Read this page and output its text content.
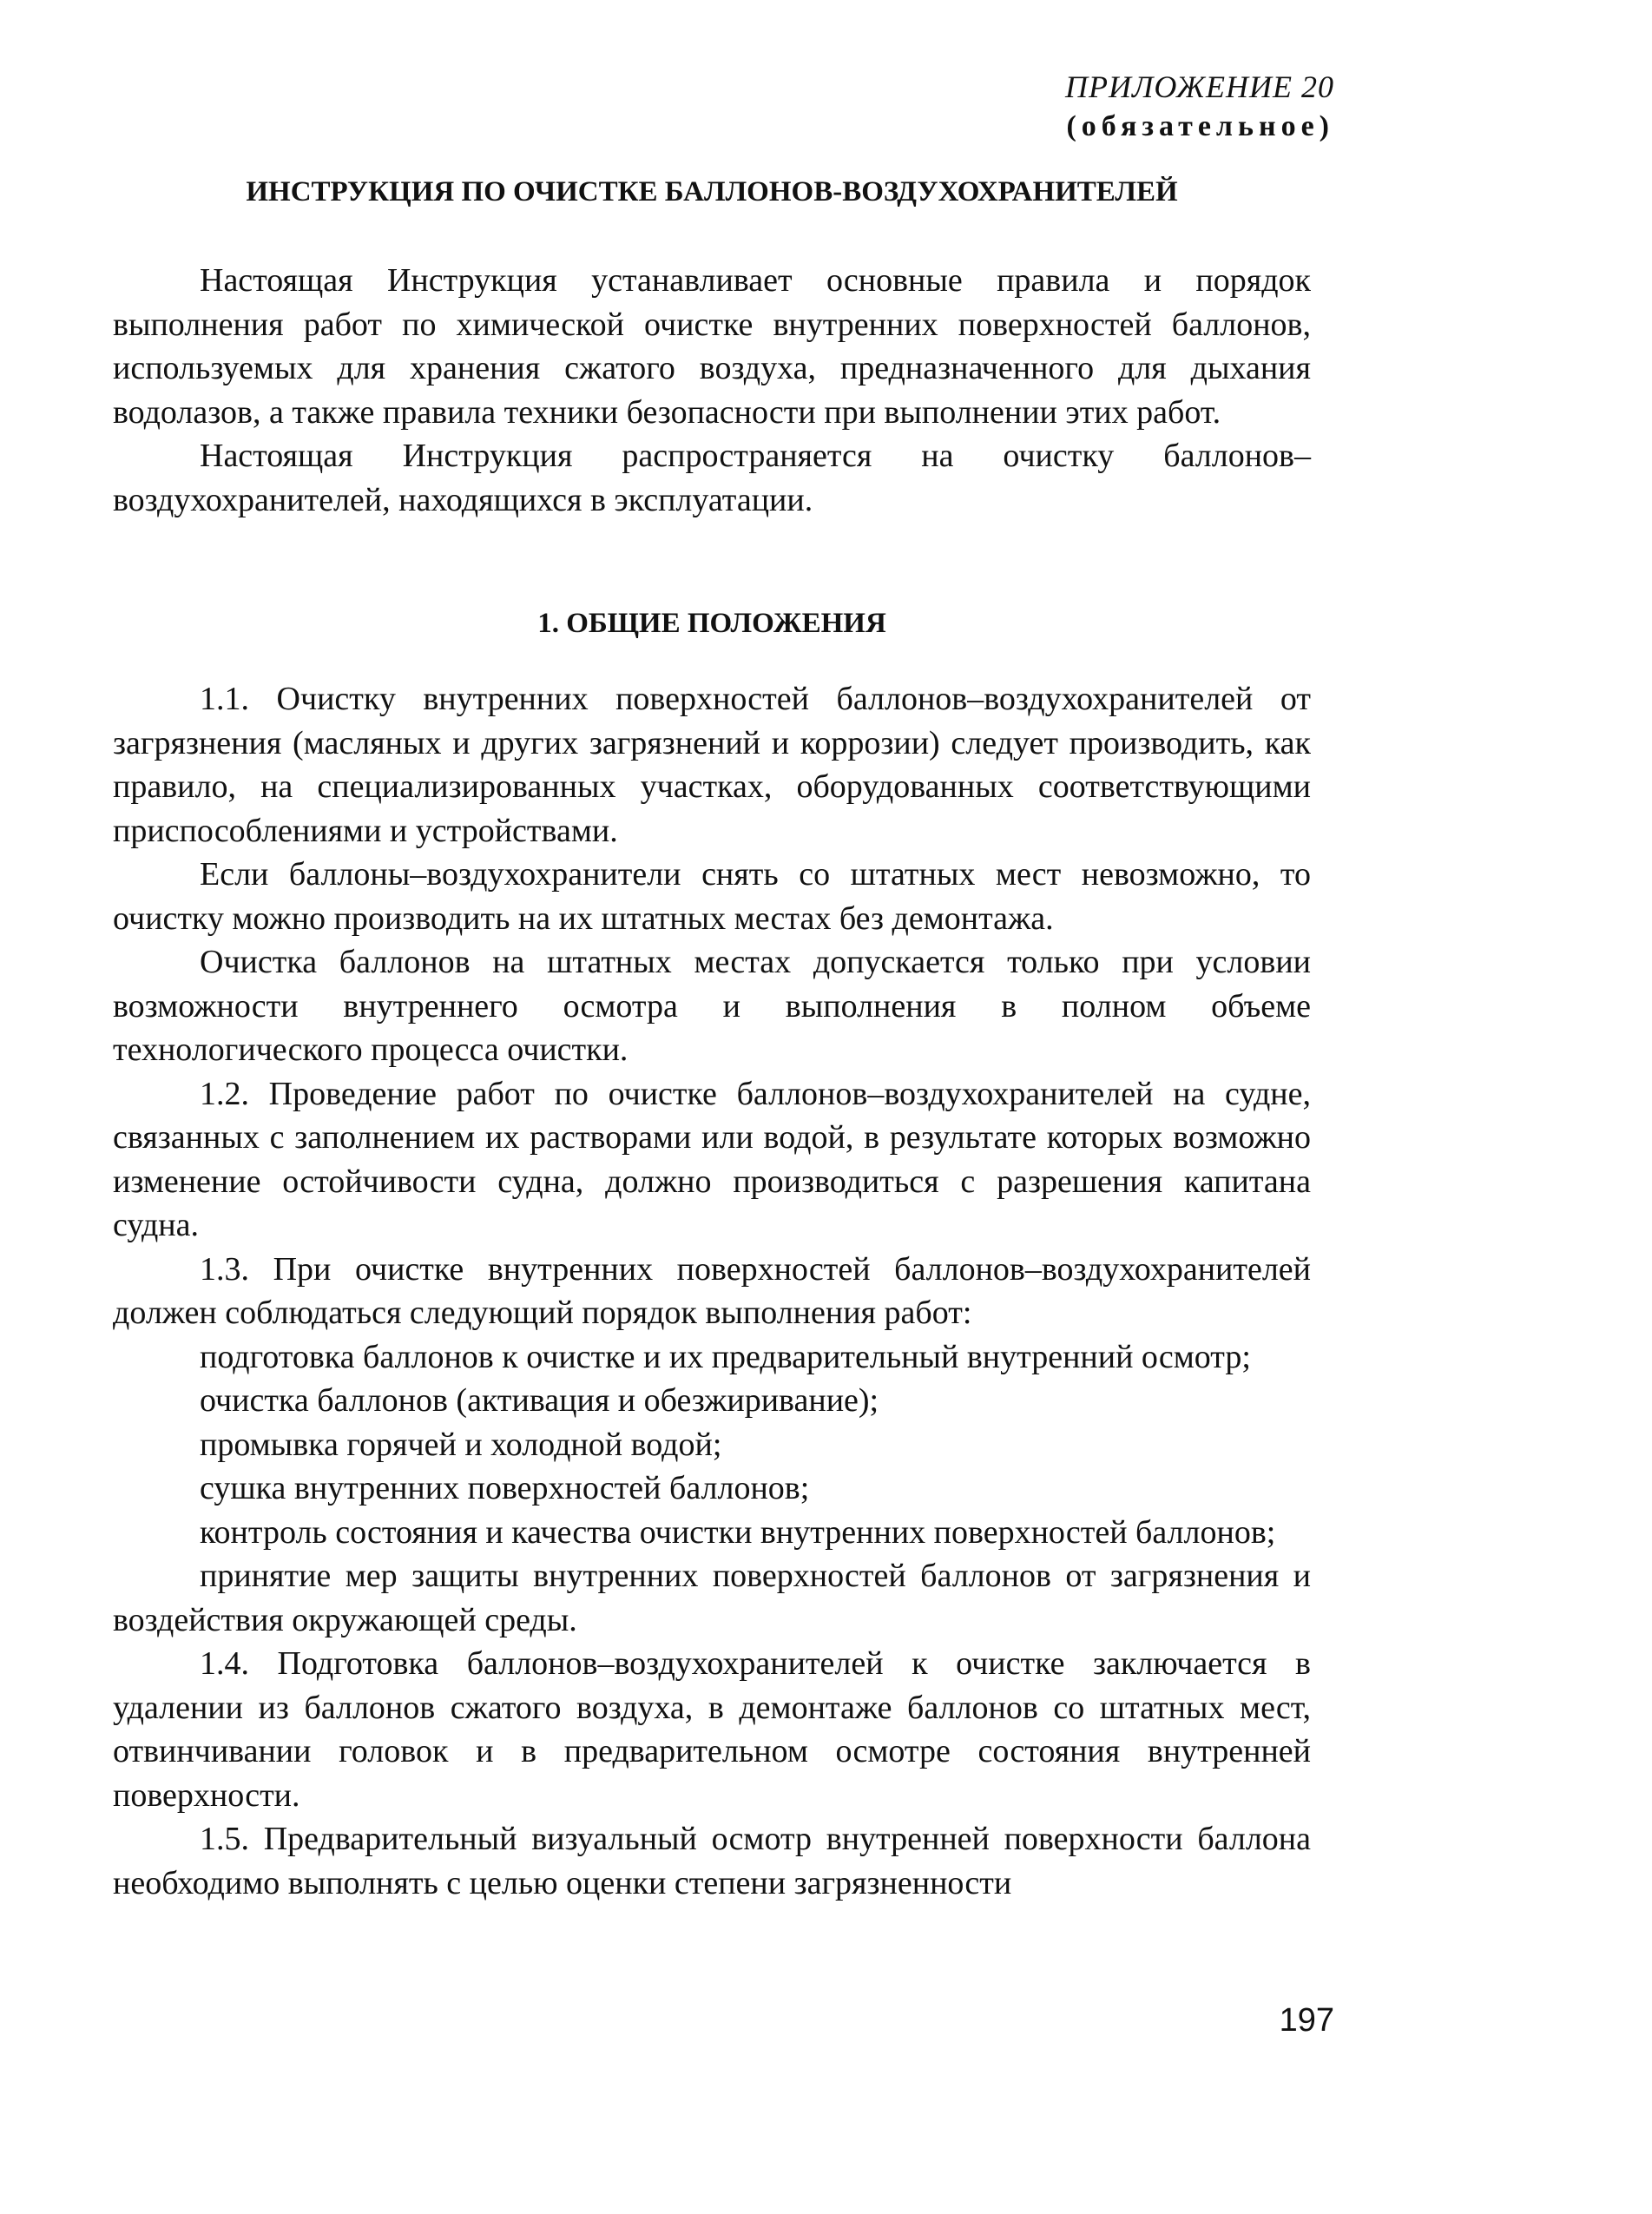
ПРИЛОЖЕНИЕ 20
(обязательное)
ИНСТРУКЦИЯ ПО ОЧИСТКЕ БАЛЛОНОВ-ВОЗДУХОХРАНИТЕЛЕЙ

Настоящая Инструкция устанавливает основные правила и порядок выполнения работ по химической очистке внутренних поверхностей баллонов, используемых для хранения сжатого воздуха, предназначенного для дыхания водолазов, а также правила техники безопасности при выполнении этих работ.

Настоящая Инструкция распространяется на очистку баллонов–воздухохранителей, находящихся в эксплуатации.

1. ОБЩИЕ ПОЛОЖЕНИЯ

1.1. Очистку внутренних поверхностей баллонов–воздухохранителей от загрязнения (масляных и других загрязнений и коррозии) следует производить, как правило, на специализированных участках, оборудованных соответствующими приспособлениями и устройствами.

Если баллоны–воздухохранители снять со штатных мест невозможно, то очистку можно производить на их штатных местах без демонтажа.

Очистка баллонов на штатных местах допускается только при условии возможности внутреннего осмотра и выполнения в полном объеме технологического процесса очистки.

1.2. Проведение работ по очистке баллонов–воздухохранителей на судне, связанных с заполнением их растворами или водой, в результате которых возможно изменение остойчивости судна, должно производиться с разрешения капитана судна.

1.3. При очистке внутренних поверхностей баллонов–воздухохранителей должен соблюдаться следующий порядок выполнения работ:

подготовка баллонов к очистке и их предварительный внутренний осмотр;

очистка баллонов (активация и обезжиривание);

промывка горячей и холодной водой;

сушка внутренних поверхностей баллонов;

контроль состояния и качества очистки внутренних поверхностей баллонов;

принятие мер защиты внутренних поверхностей баллонов от загрязнения и воздействия окружающей среды.

1.4. Подготовка баллонов–воздухохранителей к очистке заключается в удалении из баллонов сжатого воздуха, в демонтаже баллонов со штатных мест, отвинчивании головок и в предварительном осмотре состояния внутренней поверхности.

1.5. Предварительный визуальный осмотр внутренней поверхности баллона необходимо выполнять с целью оценки степени загрязненности

197
